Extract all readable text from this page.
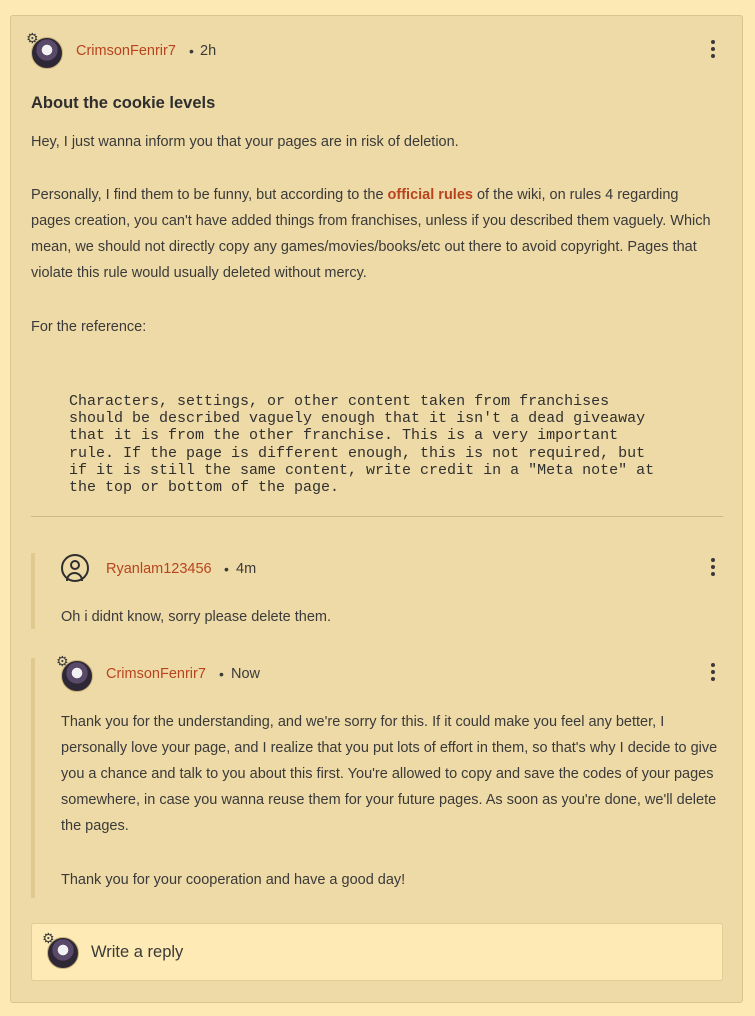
⚙
CrimsonFenrir7 • 2h
About the cookie levels
Hey, I just wanna inform you that your pages are in risk of deletion.
Personally, I find them to be funny, but according to the official rules of the wiki, on rules 4 regarding pages creation, you can't have added things from franchises, unless if you described them vaguely. Which mean, we should not directly copy any games/movies/books/etc out there to avoid copyright. Pages that violate this rule would usually deleted without mercy.
For the reference:
Characters, settings, or other content taken from franchises
should be described vaguely enough that it isn't a dead giveaway
that it is from the other franchise. This is a very important
rule. If the page is different enough, this is not required, but
if it is still the same content, write credit in a "Meta note" at
the top or bottom of the page.
Ryanlam123456 • 4m
Oh i didnt know, sorry please delete them.
⚙
CrimsonFenrir7 • Now
Thank you for the understanding, and we're sorry for this. If it could make you feel any better, I personally love your page, and I realize that you put lots of effort in them, so that's why I decide to give you a chance and talk to you about this first. You're allowed to copy and save the codes of your pages somewhere, in case you wanna reuse them for your future pages. As soon as you're done, we'll delete the pages.
Thank you for your cooperation and have a good day!
⚙
Write a reply
